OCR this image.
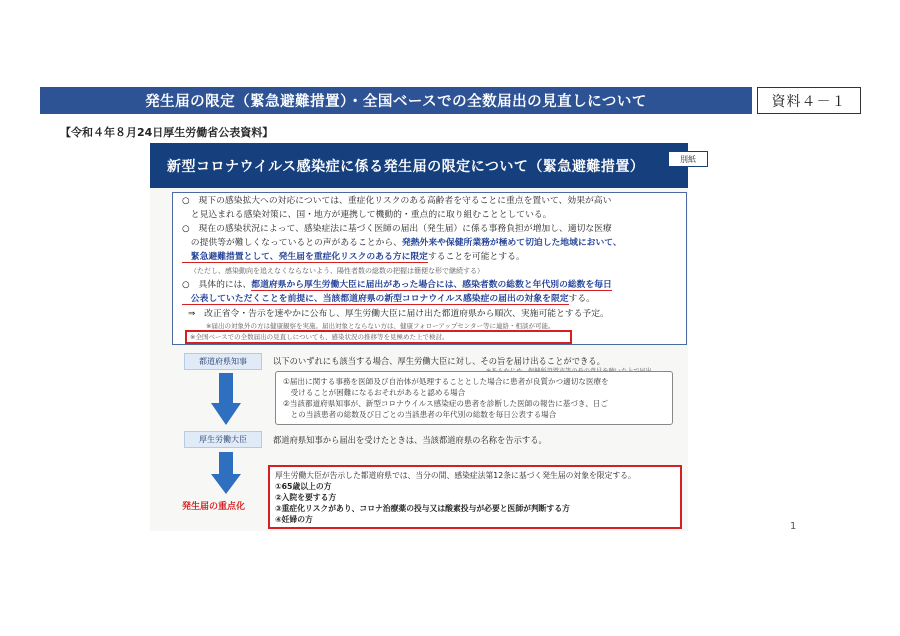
発生届の限定（緊急避難措置）・全国ベースでの全数届出の見直しについて	資料４－１
【令和４年８月24日厚生労働省公表資料】
新型コロナウイルス感染症に係る発生届の限定について（緊急避難措置）	別紙
○　現下の感染拡大への対応については、重症化リスクのある高齢者を守ることに重点を置いて、効果が高い
　と見込まれる感染対策に、国・地方が連携して機動的・重点的に取り組むこととしている。
○　現在の感染状況によって、感染症法に基づく医師の届出（発生届）に係る事務負担が増加し、適切な医療
　の提供等が難しくなっているとの声があることから、発熱外来や保健所業務が極めて切迫した地域において、
　緊急避難措置として、発生届を重症化リスクのある方に限定することを可能とする。
（ただし、感染動向を追えなくならないよう、陽性者数の総数の把握は簡便な形で継続する）
○　具体的には、都道府県から厚生労働大臣に届出があった場合には、感染者数の総数と年代別の総数を毎日
　公表していただくことを前提に、当該都道府県の新型コロナウイルス感染症の届出の対象を限定する。
⇒　改正省令・告示を速やかに公布し、厚生労働大臣に届け出た都道府県から順次、実施可能とする予定。
※届出の対象外の方は健康観察を実施。届出対象とならない方は、健康フォローアップセンター等に連絡・相談が可能。
※全国ベースでの全数届出の見直しについても、感染状況の推移等を見極めた上で検討。
都道府県知事	以下のいずれにも該当する場合、厚生労働大臣に対し、その旨を届け出ることができる。
①届出に関する事務を医師及び自治体が処理することとした場合に患者が良質かつ適切な医療を
　受けることが困難になるおそれがあると認める場合
②当該都道府県知事が、新型コロナウイルス感染症の患者を診断した医師の報告に基づき、日ご
　との当該患者の総数及び日ごとの当該患者の年代別の総数を毎日公表する場合
厚生労働大臣	都道府県知事から届出を受けたときは、当該都道府県の名称を告示する。
発生届の重点化
厚生労働大臣が告示した都道府県では、当分の間、感染症法第12条に基づく発生届の対象を限定する。
①65歳以上の方
②入院を要する方
③重症化リスクがあり、コロナ治療薬の投与又は酸素投与が必要と医師が判断する方
④妊婦の方
1
